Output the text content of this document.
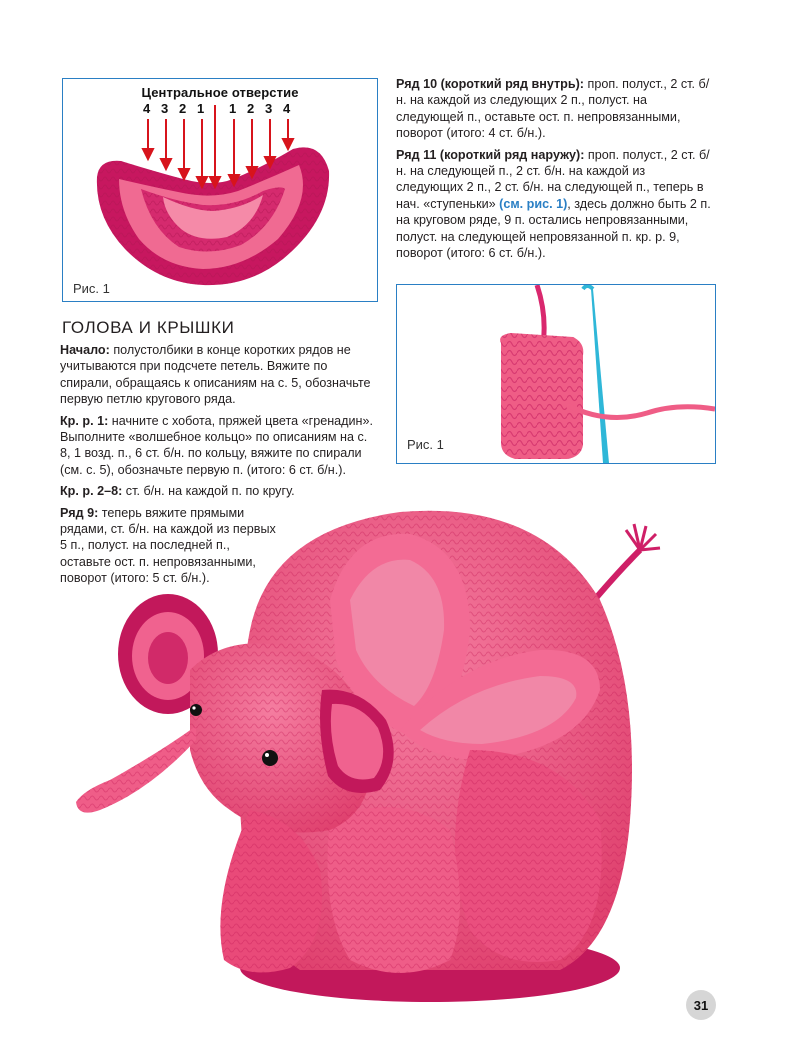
Центральное отверстие
4 3 2 1 1 2 3 4
Рис. 1

Ряд 10 (короткий ряд внутрь): проп. полуст., 2 ст. б/н. на каждой из следующих 2 п., полуст. на следующей п., оставьте ост. п. непровязанными, поворот (итого: 4 ст. б/н.).

Ряд 11 (короткий ряд наружу): проп. полуст., 2 ст. б/н. на следующей п., 2 ст. б/н. на каждой из следующих 2 п., 2 ст. б/н. на следующей п., теперь в нач. «ступеньки» (см. рис. 1), здесь должно быть 2 п. на круговом ряде, 9 п. остались непровязанными, полуст. на следующей непровязанной п. кр. р. 9, поворот (итого: 6 ст. б/н.).

Рис. 1
ГОЛОВА И КРЫШКИ

Начало: полустолбики в конце коротких рядов не учитываются при подсчете петель. Вяжите по спирали, обращаясь к описаниям на с. 5, обозначьте первую петлю кругового ряда.

Кр. р. 1: начните с хобота, пряжей цвета «гренадин». Выполните «волшебное кольцо» по описаниям на с. 8, 1 возд. п., 6 ст. б/н. по кольцу, вяжите по спирали (см. с. 5), обозначьте первую п. (итого: 6 ст. б/н.).

Кр. р. 2–8: ст. б/н. на каждой п. по кругу.

Ряд 9: теперь вяжите прямыми рядами, ст. б/н. на каждой из первых 5 п., полуст. на последней п., оставьте ост. п. непровязанными, поворот (итого: 5 ст. б/н.).

31
